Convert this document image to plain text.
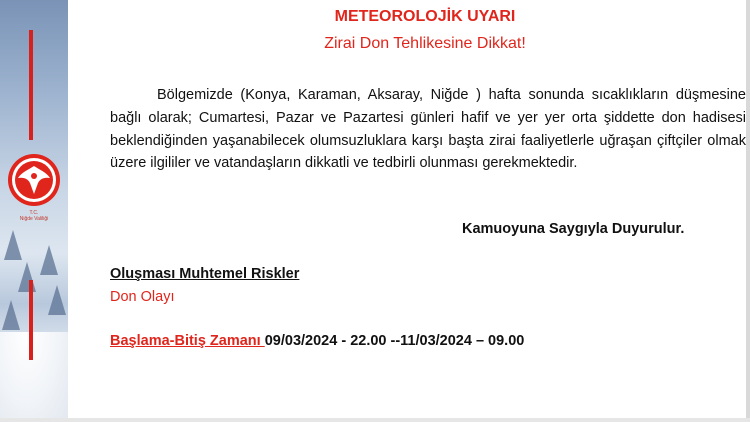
T.C.
Niğde Valiliği
METEOROLOJİK UYARI
Zirai Don Tehlikesine Dikkat!

Bölgemizde (Konya, Karaman, Aksaray, Niğde ) hafta sonunda sıcaklıkların düşmesine bağlı olarak; Cumartesi, Pazar ve Pazartesi günleri hafif ve yer yer orta şiddette don hadisesi beklendiğinden yaşanabilecek olumsuzluklara karşı başta zirai faaliyetlerle uğraşan çiftçiler olmak üzere ilgililer ve vatandaşların dikkatli ve tedbirli olunması gerekmektedir.

Kamuoyuna Saygıyla Duyurulur.
Oluşması Muhtemel Riskler
Don Olayı
Başlama-Bitiş Zamanı 09/03/2024 - 22.00 --11/03/2024 – 09.00
